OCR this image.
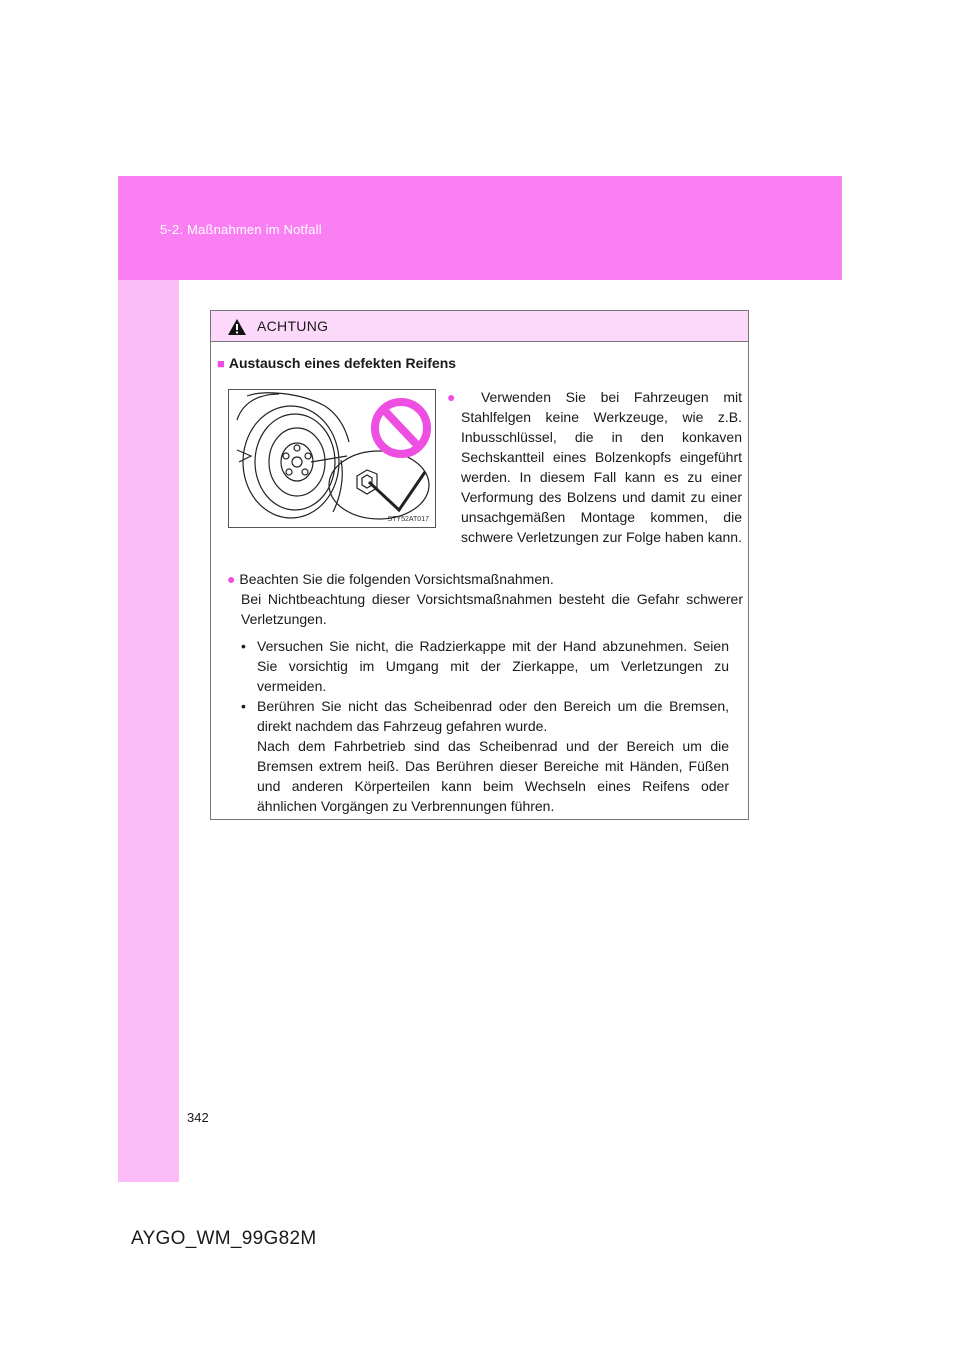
5-2. Maßnahmen im Notfall
ACHTUNG
■ Austausch eines defekten Reifens
STY52AT017
● Verwenden Sie bei Fahrzeugen mit Stahlfelgen keine Werkzeuge, wie z.B. Inbusschlüssel, die in den konkaven Sechskantteil eines Bolzenkopfs eingeführt werden. In diesem Fall kann es zu einer Verformung des Bolzens und damit zu einer unsachgemäßen Montage kommen, die schwere Verletzungen zur Folge haben kann.
● Beachten Sie die folgenden Vorsichtsmaßnahmen.
Bei Nichtbeachtung dieser Vorsichtsmaßnahmen besteht die Gefahr schwerer Verletzungen.
• Versuchen Sie nicht, die Radzierkappe mit der Hand abzunehmen. Seien Sie vorsichtig im Umgang mit der Zierkappe, um Verletzungen zu vermeiden.
• Berühren Sie nicht das Scheibenrad oder den Bereich um die Bremsen, direkt nachdem das Fahrzeug gefahren wurde.
Nach dem Fahrbetrieb sind das Scheibenrad und der Bereich um die Bremsen extrem heiß. Das Berühren dieser Bereiche mit Händen, Füßen und anderen Körperteilen kann beim Wechseln eines Reifens oder ähnlichen Vorgängen zu Verbrennungen führen.
342
AYGO_WM_99G82M
